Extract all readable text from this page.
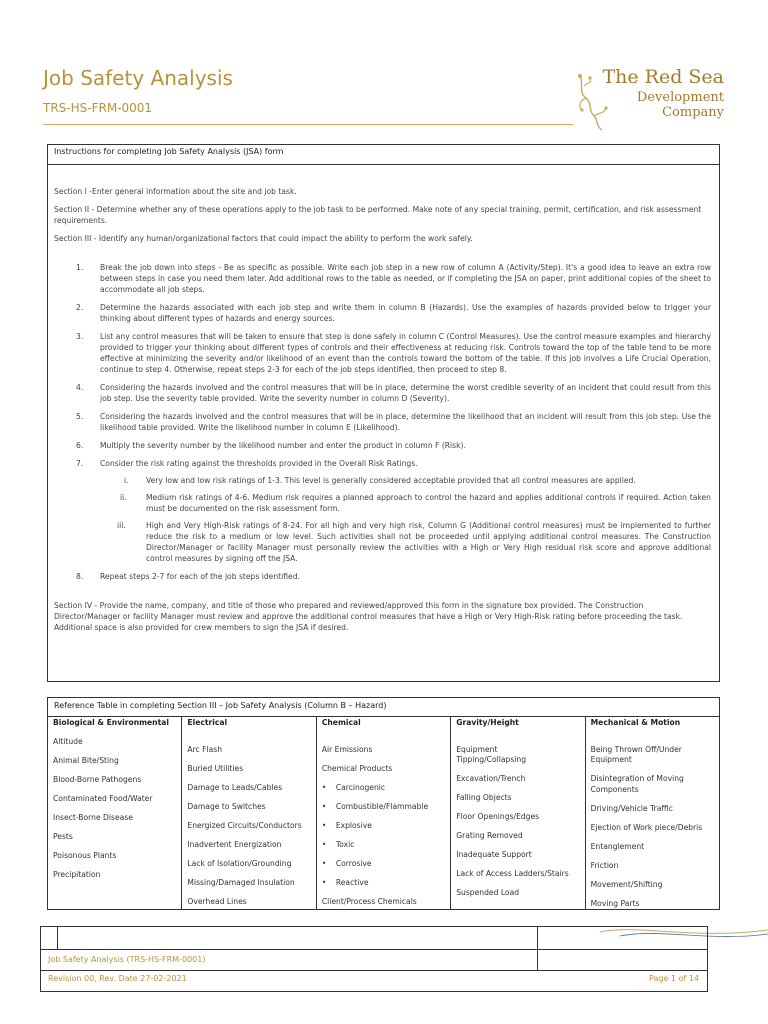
Job Safety Analysis
TRS-HS-FRM-0001
The Red Sea
Development
Company
Instructions for completing Job Safety Analysis (JSA) form

Section I -Enter general information about the site and job task.

Section II - Determine whether any of these operations apply to the job task to be performed. Make note of any special training, permit, certification, and risk assessment requirements.

Section III - Identify any human/organizational factors that could impact the ability to perform the work safely.

1. Break the job down into steps - Be as specific as possible. Write each job step in a new row of column A (Activity/Step). It's a good idea to leave an extra row between steps in case you need them later. Add additional rows to the table as needed, or if completing the JSA on paper, print additional copies of the sheet to accommodate all job steps.
2. Determine the hazards associated with each job step and write them in column B (Hazards). Use the examples of hazards provided below to trigger your thinking about different types of hazards and energy sources.
3. List any control measures that will be taken to ensure that step is done safely in column C (Control Measures). Use the control measure examples and hierarchy provided to trigger your thinking about different types of controls and their effectiveness at reducing risk. Controls toward the top of the table tend to be more effective at minimizing the severity and/or likelihood of an event than the controls toward the bottom of the table. If this job involves a Life Crucial Operation, continue to step 4. Otherwise, repeat steps 2-3 for each of the job steps identified, then proceed to step 8.
4. Considering the hazards involved and the control measures that will be in place, determine the worst credible severity of an incident that could result from this job step. Use the severity table provided. Write the severity number in column D (Severity).
5. Considering the hazards involved and the control measures that will be in place, determine the likelihood that an incident will result from this job step. Use the likelihood table provided. Write the likelihood number in column E (Likelihood).
6. Multiply the severity number by the likelihood number and enter the product in column F (Risk).
7. Consider the risk rating against the thresholds provided in the Overall Risk Ratings.
i. Very low and low risk ratings of 1-3. This level is generally considered acceptable provided that all control measures are applied.
ii.	Medium risk ratings of 4-6. Medium risk requires a planned approach to control the hazard and applies additional controls if required. Action taken must be documented on the risk assessment form.
iii.	High and Very High-Risk ratings of 8-24. For all high and very high risk, Column G (Additional control measures) must be implemented to further reduce the risk to a medium or low level. Such activities shall not be proceeded until applying additional control measures. The Construction Director/Manager or facility Manager must personally review the activities with a High or Very High residual risk score and approve additional control measures by signing off the JSA.
8. Repeat steps 2-7 for each of the job steps identified.

Section IV - Provide the name, company, and title of those who prepared and reviewed/approved this form in the signature box provided. The Construction Director/Manager or facility Manager must review and approve the additional control measures that have a High or Very High-Risk rating before proceeding the task. Additional space is also provided for crew members to sign the JSA if desired.

Reference Table in completing Section III – Job Safety Analysis (Column B – Hazard)
Biological & Environmental
Altitude
Animal Bite/Sting
Blood-Borne Pathogens
Contaminated Food/Water
Insect-Borne Disease
Pests
Poisonous Plants
Precipitation
Electrical
Arc Flash
Buried Utilities
Damage to Leads/Cables
Damage to Switches
Energized Circuits/Conductors
Inadvertent Energization
Lack of Isolation/Grounding
Missing/Damaged Insulation
Overhead Lines
Chemical
Air Emissions
Chemical Products
• Carcinogenic
• Combustible/Flammable
• Explosive
• Toxic
• Corrosive
• Reactive
Client/Process Chemicals
Gravity/Height
Equipment Tipping/Collapsing
Excavation/Trench
Falling Objects
Floor Openings/Edges
Grating Removed
Inadequate Support
Lack of Access Ladders/Stairs
Suspended Load
Mechanical & Motion
Being Thrown Off/Under Equipment
Disintegration of Moving Components
Driving/Vehicle Traffic
Ejection of Work piece/Debris
Entanglement
Friction
Movement/Shifting
Moving Parts
Job Safety Analysis (TRS-HS-FRM-0001)
Revision 00, Rev. Date 27-02-2021	Page 1 of 14
